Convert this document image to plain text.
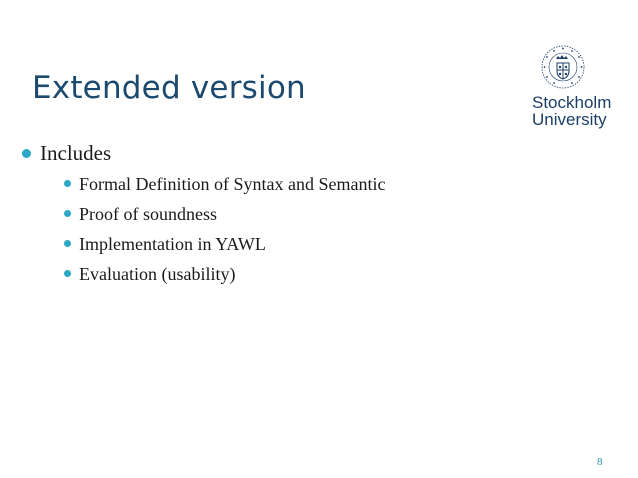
Extended version	Stockholm
University
Includes
Formal Definition of Syntax and Semantic
Proof of soundness
Implementation in YAWL
Evaluation (usability)
8
